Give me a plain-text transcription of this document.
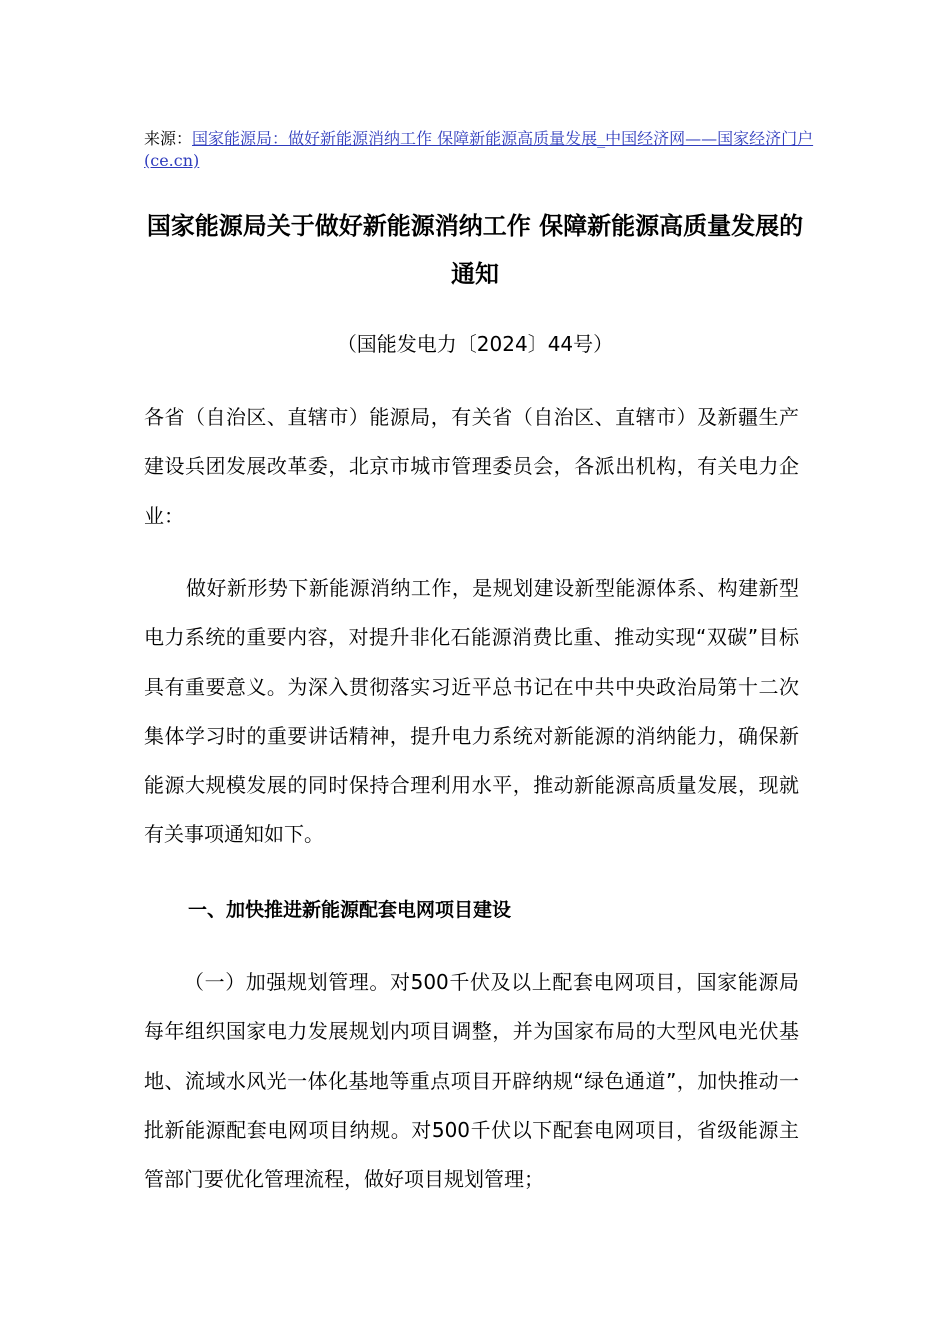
来源：国家能源局：做好新能源消纳工作 保障新能源高质量发展_中国经济网——国家经济门户 (ce.cn)
国家能源局关于做好新能源消纳工作 保障新能源高质量发展的通知
（国能发电力〔2024〕44号）
各省（自治区、直辖市）能源局，有关省（自治区、直辖市）及新疆生产建设兵团发展改革委，北京市城市管理委员会，各派出机构，有关电力企业：
做好新形势下新能源消纳工作，是规划建设新型能源体系、构建新型电力系统的重要内容，对提升非化石能源消费比重、推动实现“双碳”目标具有重要意义。为深入贯彻落实习近平总书记在中共中央政治局第十二次集体学习时的重要讲话精神，提升电力系统对新能源的消纳能力，确保新能源大规模发展的同时保持合理利用水平，推动新能源高质量发展，现就有关事项通知如下。
一、加快推进新能源配套电网项目建设
（一）加强规划管理。对500千伏及以上配套电网项目，国家能源局每年组织国家电力发展规划内项目调整，并为国家布局的大型风电光伏基地、流域水风光一体化基地等重点项目开辟纳规“绿色通道”，加快推动一批新能源配套电网项目纳规。对500千伏以下配套电网项目，省级能源主管部门要优化管理流程，做好项目规划管理；
